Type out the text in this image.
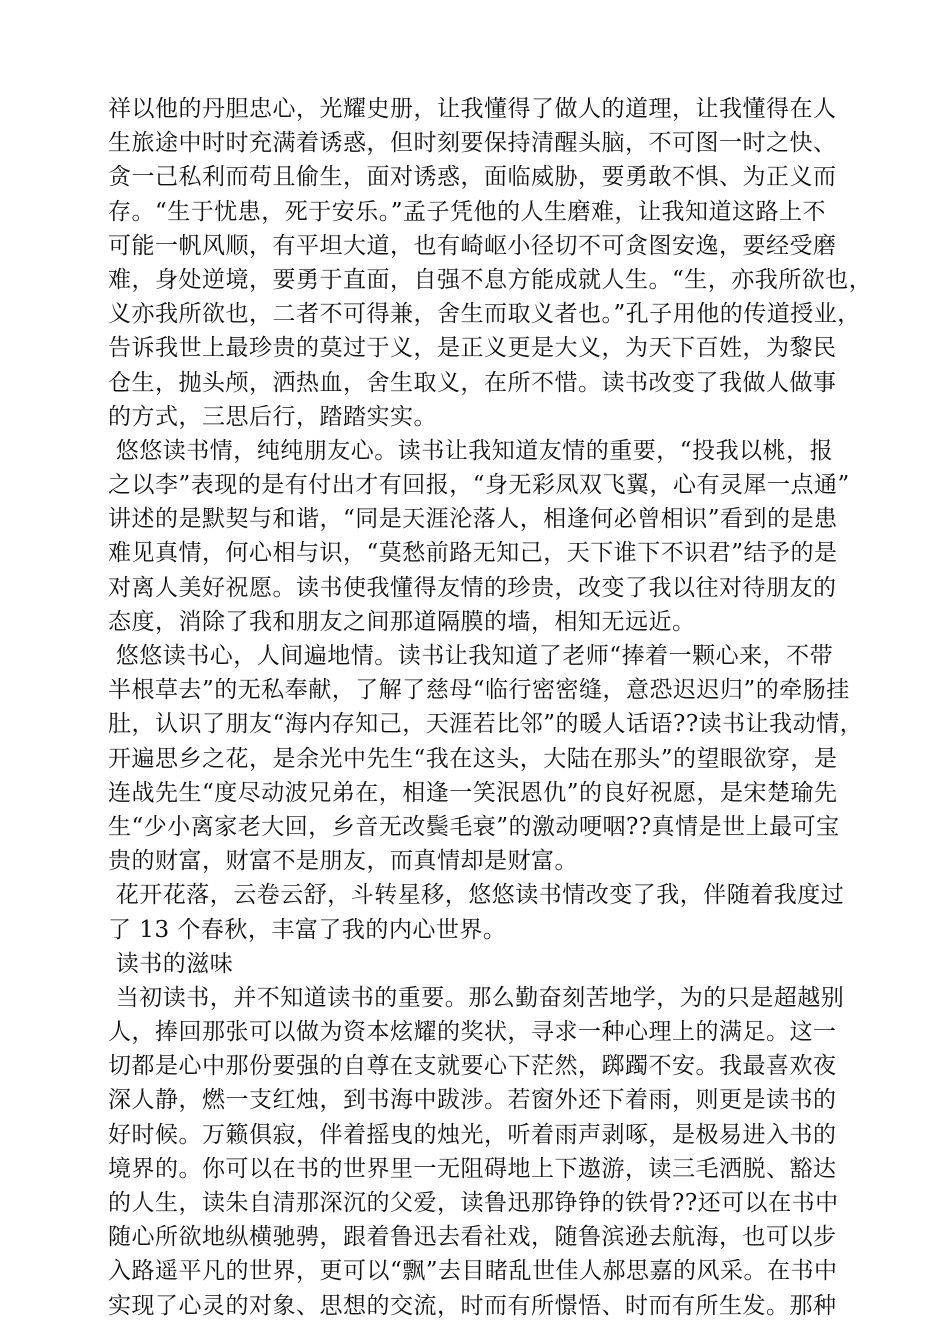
祥以他的丹胆忠心，光耀史册，让我懂得了做人的道理，让我懂得在人
生旅途中时时充满着诱惑，但时刻要保持清醒头脑，不可图一时之快、
贪一己私利而苟且偷生，面对诱惑，面临威胁，要勇敢不惧、为正义而
存。“生于忧患，死于安乐。”孟子凭他的人生磨难，让我知道这路上不
可能一帆风顺，有平坦大道，也有崎岖小径切不可贪图安逸，要经受磨
难，身处逆境，要勇于直面，自强不息方能成就人生。“生，亦我所欲也，
义亦我所欲也，二者不可得兼，舍生而取义者也。”孔子用他的传道授业，
告诉我世上最珍贵的莫过于义，是正义更是大义，为天下百姓，为黎民
仓生，抛头颅，洒热血，舍生取义，在所不惜。读书改变了我做人做事
的方式，三思后行，踏踏实实。
悠悠读书情，纯纯朋友心。读书让我知道友情的重要，“投我以桃，报
之以李”表现的是有付出才有回报，“身无彩凤双飞翼，心有灵犀一点通”
讲述的是默契与和谐，“同是天涯沦落人，相逢何必曾相识”看到的是患
难见真情，何心相与识，“莫愁前路无知己，天下谁下不识君”结予的是
对离人美好祝愿。读书使我懂得友情的珍贵，改变了我以往对待朋友的
态度，消除了我和朋友之间那道隔膜的墙，相知无远近。
悠悠读书心，人间遍地情。读书让我知道了老师“捧着一颗心来，不带
半根草去”的无私奉献，了解了慈母“临行密密缝，意恐迟迟归”的牵肠挂
肚，认识了朋友“海内存知己，天涯若比邻”的暖人话语??读书让我动情，
开遍思乡之花，是余光中先生“我在这头，大陆在那头”的望眼欲穿，是
连战先生“度尽动波兄弟在，相逢一笑泯恩仇”的良好祝愿，是宋楚瑜先
生“少小离家老大回，乡音无改鬓毛衰”的激动哽咽??真情是世上最可宝
贵的财富，财富不是朋友，而真情却是财富。
花开花落，云卷云舒，斗转星移，悠悠读书情改变了我，伴随着我度过
了 13 个春秋，丰富了我的内心世界。
读书的滋味
当初读书，并不知道读书的重要。那么勤奋刻苦地学，为的只是超越别
人，捧回那张可以做为资本炫耀的奖状，寻求一种心理上的满足。这一
切都是心中那份要强的自尊在支就要心下茫然，踯躅不安。我最喜欢夜
深人静，燃一支红烛，到书海中跋涉。若窗外还下着雨，则更是读书的
好时候。万籁俱寂，伴着摇曳的烛光，听着雨声剥啄，是极易进入书的
境界的。你可以在书的世界里一无阻碍地上下遨游，读三毛洒脱、豁达
的人生，读朱自清那深沉的父爱，读鲁迅那铮铮的铁骨??还可以在书中
随心所欲地纵横驰骋，跟着鲁迅去看社戏，随鲁滨逊去航海，也可以步
入路遥平凡的世界，更可以“飘”去目睹乱世佳人郝思嘉的风采。在书中
实现了心灵的对象、思想的交流，时而有所憬悟、时而有所生发。那种
